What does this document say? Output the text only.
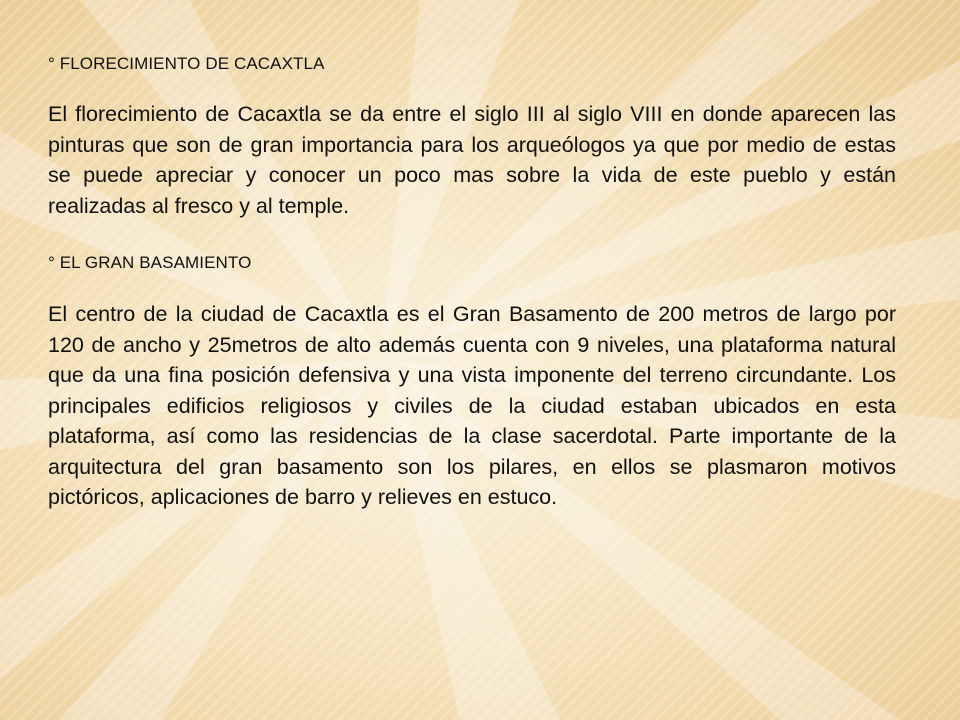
° FLORECIMIENTO DE CACAXTLA

El florecimiento de Cacaxtla se da entre el siglo III al siglo VIII en donde aparecen las pinturas que son de gran importancia para los arqueólogos ya que por medio de estas se puede apreciar y conocer un poco mas sobre la vida de este pueblo y están realizadas al fresco y al temple.

° EL GRAN BASAMIENTO

El centro de la ciudad de Cacaxtla es el Gran Basamento de 200 metros de largo por 120 de ancho y 25metros de alto además cuenta con 9 niveles, una plataforma natural que da una fina posición defensiva y una vista imponente del terreno circundante. Los principales edificios religiosos y civiles de la ciudad estaban ubicados en esta plataforma, así como las residencias de la clase sacerdotal. Parte importante de la arquitectura del gran basamento son los pilares, en ellos se plasmaron motivos pictóricos, aplicaciones de barro y relieves en estuco.
